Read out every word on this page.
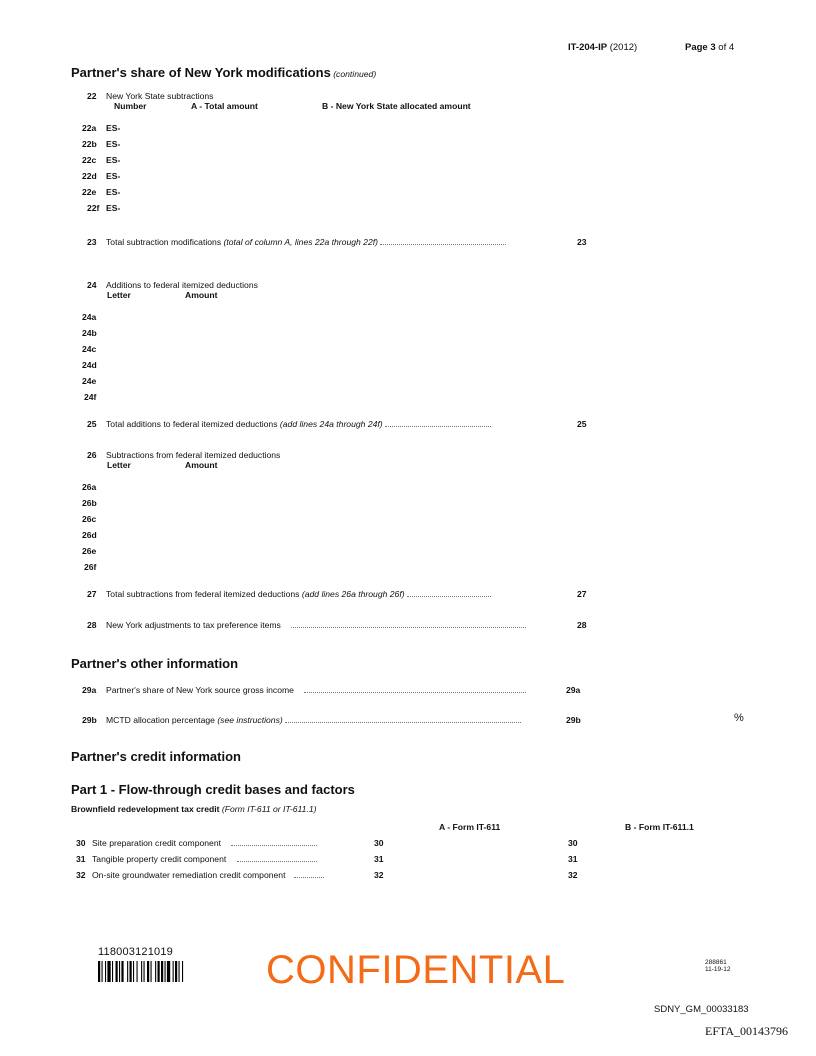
IT-204-IP (2012)	Page 3 of 4
Partner's share of New York modifications (continued)
22 New York State subtractions
Number	A - Total amount	B - New York State allocated amount
22a ES-
22b ES-
22c ES-
22d ES-
22e ES-
22f ES-
23 Total subtraction modifications (total of column A, lines 22a through 22f)	23
24 Additions to federal itemized deductions
Letter	Amount
24a
24b
24c
24d
24e
24f
25 Total additions to federal itemized deductions (add lines 24a through 24f)	25
26 Subtractions from federal itemized deductions
Letter	Amount
26a
26b
26c
26d
26e
26f
27 Total subtractions from federal itemized deductions (add lines 26a through 26f)	27
28 New York adjustments to tax preference items	28
Partner's other information
29a Partner's share of New York source gross income	29a
29b MCTD allocation percentage (see instructions)	29b	%
Partner's credit information
Part 1 - Flow-through credit bases and factors
Brownfield redevelopment tax credit (Form IT-611 or IT-611.1)
A - Form IT-611	B - Form IT-611.1
30 Site preparation credit component	30	30
31 Tangible property credit component	31	31
32 On-site groundwater remediation credit component	32	32
118003121019
288861
11-19-12
CONFIDENTIAL
SDNY_GM_00033183
EFTA_00143796
